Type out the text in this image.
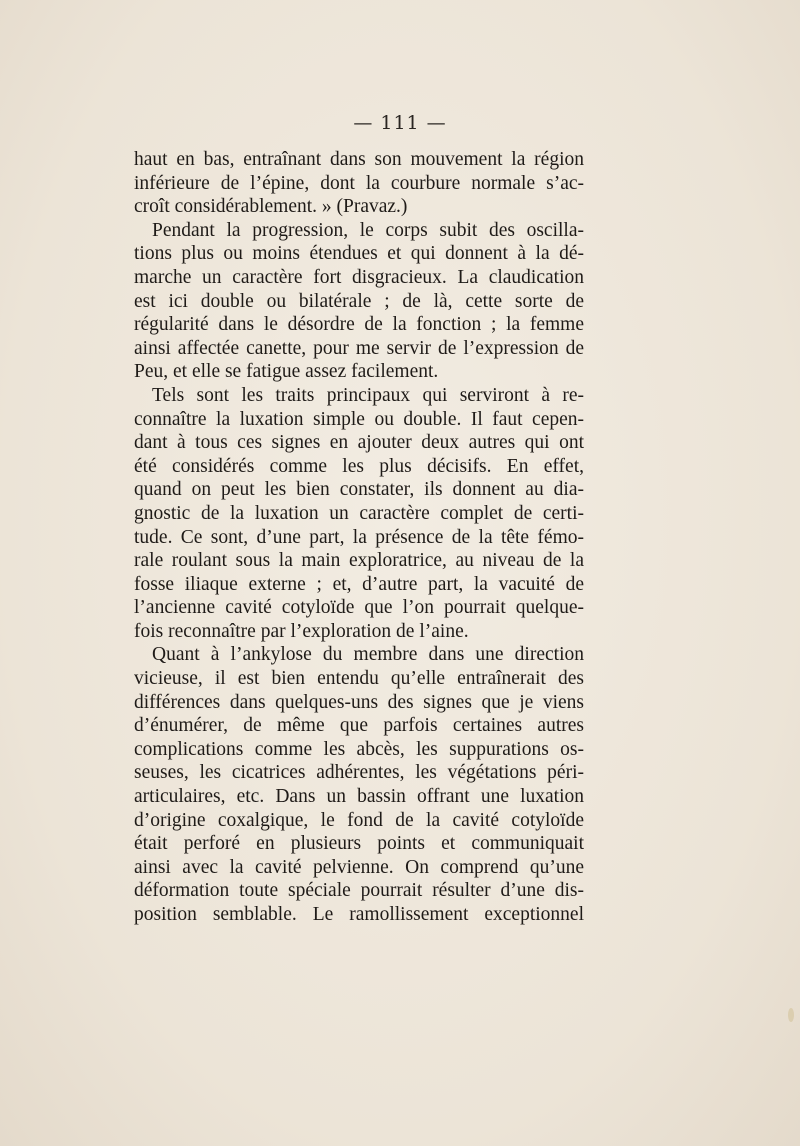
— 111 —
haut en bas, entraînant dans son mouvement la région
inférieure de l’épine, dont la courbure normale s’ac-
croît considérablement. » (Pravaz.)
Pendant la progression, le corps subit des oscilla-
tions plus ou moins étendues et qui donnent à la dé-
marche un caractère fort disgracieux. La claudication
est ici double ou bilatérale ; de là, cette sorte de
régularité dans le désordre de la fonction ; la femme
ainsi affectée canette, pour me servir de l’expression de
Peu, et elle se fatigue assez facilement.
Tels sont les traits principaux qui serviront à re-
connaître la luxation simple ou double. Il faut cepen-
dant à tous ces signes en ajouter deux autres qui ont
été considérés comme les plus décisifs. En effet,
quand on peut les bien constater, ils donnent au dia-
gnostic de la luxation un caractère complet de certi-
tude. Ce sont, d’une part, la présence de la tête fémo-
rale roulant sous la main exploratrice, au niveau de la
fosse iliaque externe ; et, d’autre part, la vacuité de
l’ancienne cavité cotyloïde que l’on pourrait quelque-
fois reconnaître par l’exploration de l’aine.
Quant à l’ankylose du membre dans une direction
vicieuse, il est bien entendu qu’elle entraînerait des
différences dans quelques-uns des signes que je viens
d’énumérer, de même que parfois certaines autres
complications comme les abcès, les suppurations os-
seuses, les cicatrices adhérentes, les végétations péri-
articulaires, etc. Dans un bassin offrant une luxation
d’origine coxalgique, le fond de la cavité cotyloïde
était perforé en plusieurs points et communiquait
ainsi avec la cavité pelvienne. On comprend qu’une
déformation toute spéciale pourrait résulter d’une dis-
position semblable. Le ramollissement exceptionnel
